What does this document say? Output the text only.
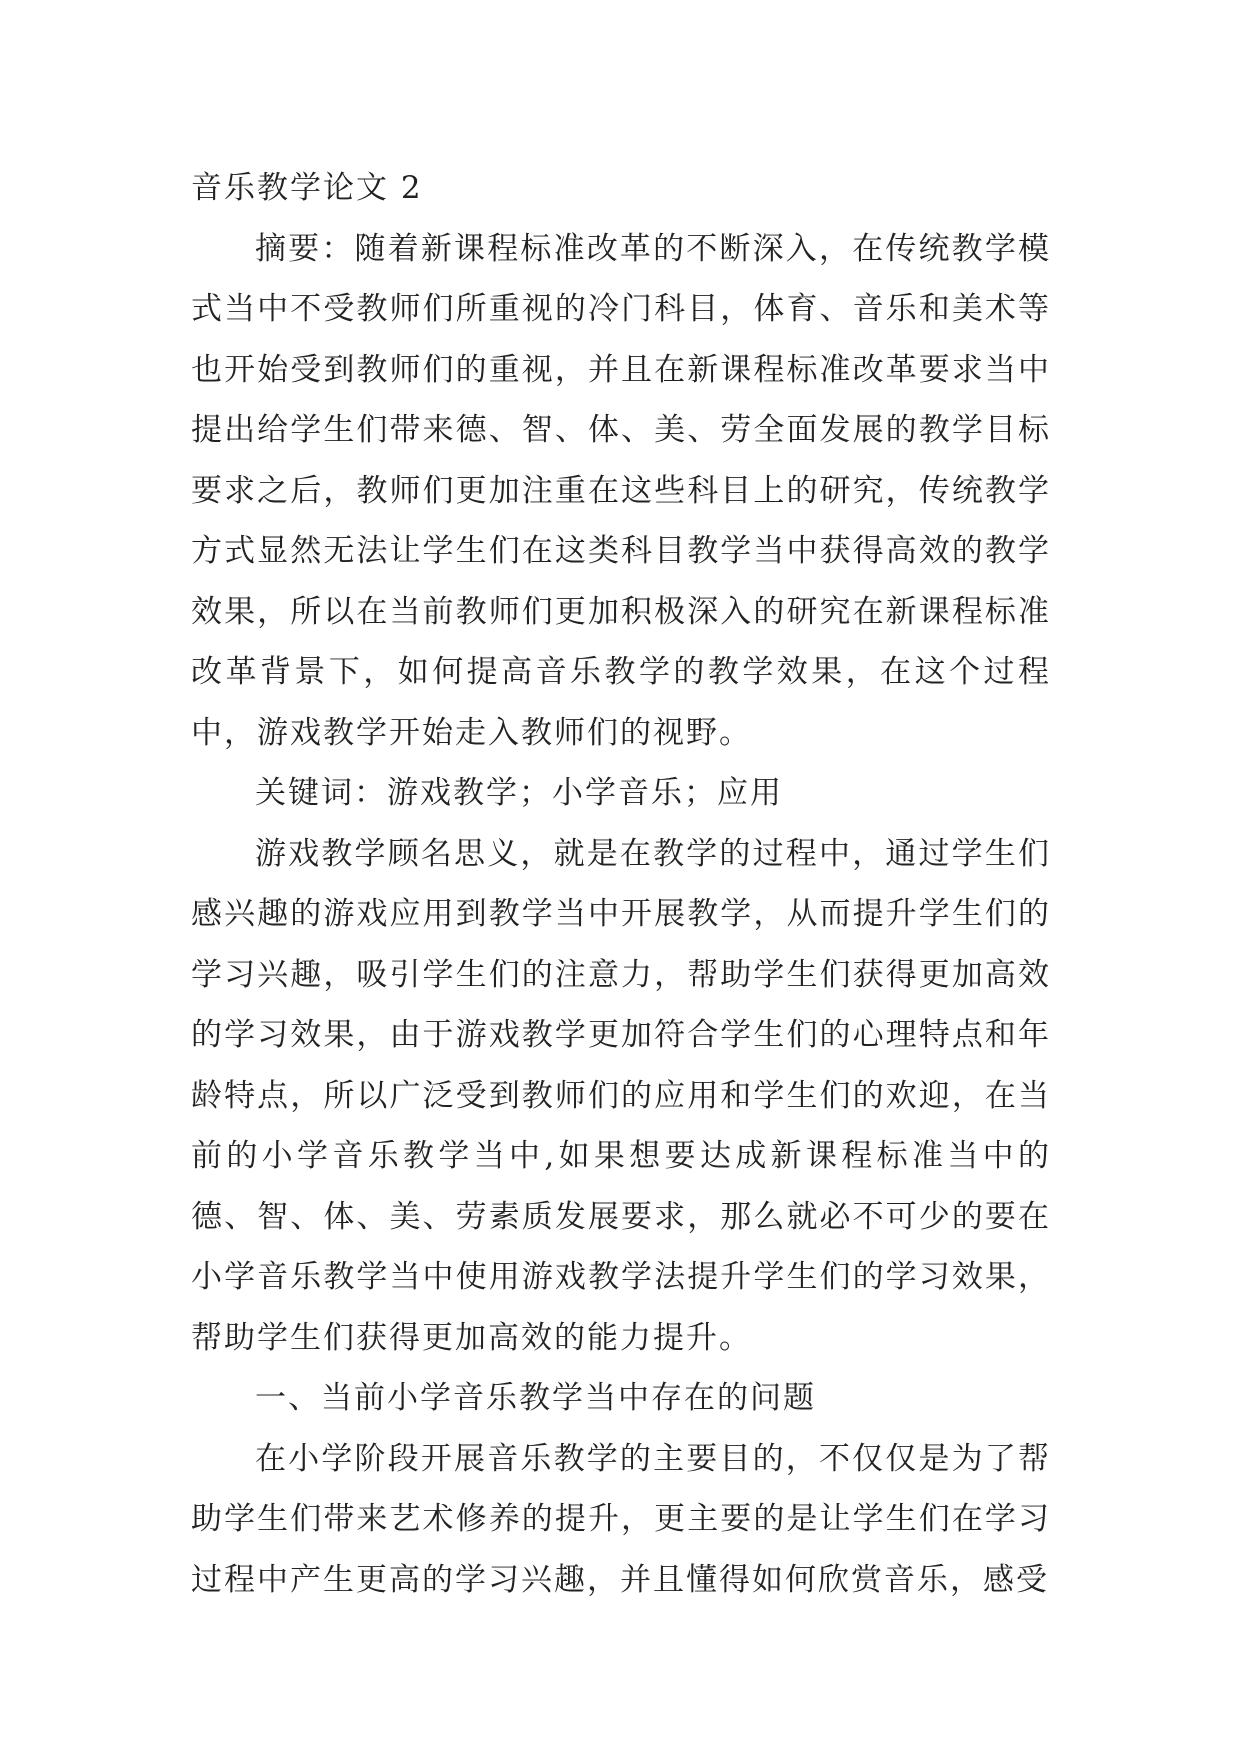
音乐教学论文 2

摘要：随着新课程标准改革的不断深入，在传统教学模式当中不受教师们所重视的冷门科目，体育、音乐和美术等也开始受到教师们的重视，并且在新课程标准改革要求当中提出给学生们带来德、智、体、美、劳全面发展的教学目标要求之后，教师们更加注重在这些科目上的研究，传统教学方式显然无法让学生们在这类科目教学当中获得高效的教学效果，所以在当前教师们更加积极深入的研究在新课程标准改革背景下，如何提高音乐教学的教学效果，在这个过程中，游戏教学开始走入教师们的视野。

关键词：游戏教学；小学音乐；应用

游戏教学顾名思义，就是在教学的过程中，通过学生们感兴趣的游戏应用到教学当中开展教学，从而提升学生们的学习兴趣，吸引学生们的注意力，帮助学生们获得更加高效的学习效果，由于游戏教学更加符合学生们的心理特点和年龄特点，所以广泛受到教师们的应用和学生们的欢迎，在当前的小学音乐教学当中,如果想要达成新课程标准当中的德、智、体、美、劳素质发展要求，那么就必不可少的要在小学音乐教学当中使用游戏教学法提升学生们的学习效果，帮助学生们获得更加高效的能力提升。

一、当前小学音乐教学当中存在的问题

在小学阶段开展音乐教学的主要目的，不仅仅是为了帮助学生们带来艺术修养的提升，更主要的是让学生们在学习过程中产生更高的学习兴趣，并且懂得如何欣赏音乐，感受
